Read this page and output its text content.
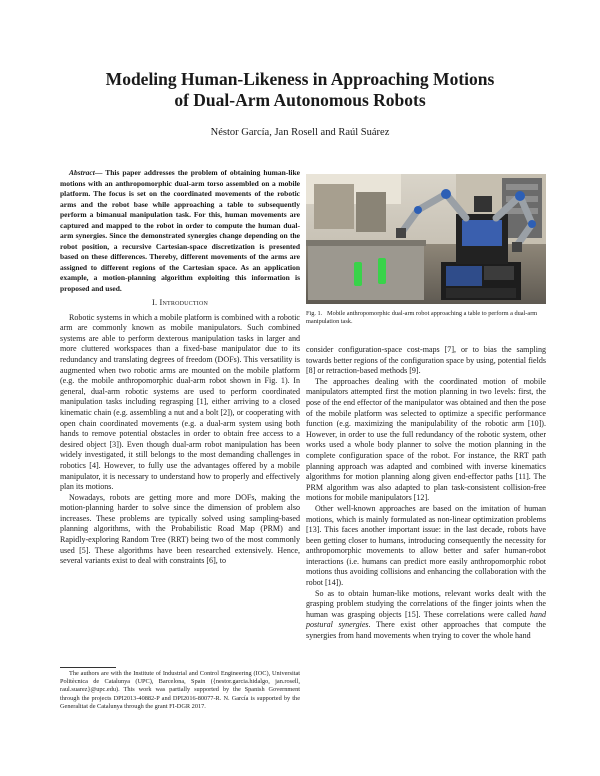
Modeling Human-Likeness in Approaching Motions
of Dual-Arm Autonomous Robots

Néstor García, Jan Rosell and Raúl Suárez

Abstract— This paper addresses the problem of obtaining human-like motions with an anthropomorphic dual-arm torso assembled on a mobile platform. The focus is set on the coordinated movements of the robotic arms and the robot base while approaching a table to subsequently perform a bimanual manipulation task. For this, human movements are captured and mapped to the robot in order to compute the human dual-arm synergies. Since the demonstrated synergies change depending on the robot position, a recursive Cartesian-space discretization is presented based on these differences. Thereby, different movements of the arms are assigned to different regions of the Cartesian space. As an application example, a motion-planning algorithm exploiting this information is proposed and used.

I. Introduction

Robotic systems in which a mobile platform is combined with a robotic arm are commonly known as mobile manipulators. Such combined systems are able to perform dexterous manipulation tasks in larger and more cluttered workspaces than a fixed-base manipulator due to its redundancy and translating degrees of freedom (DOFs). This versatility is augmented when two robotic arms are mounted on the mobile platform (e.g. the mobile anthropomorphic dual-arm robot shown in Fig. 1). In general, dual-arm robotic systems are used to perform coordinated manipulation tasks including regrasping [1], either arriving to a closed kinematic chain (e.g. assembling a nut and a bolt [2]), or cooperating with open chain coordinated movements (e.g. a dual-arm system using both hands to remove potential obstacles in order to obtain free access to a desired object [3]). Even though dual-arm robot manipulation has been widely investigated, it still belongs to the most demanding challenges in robotics [4]. However, to fully use the advantages offered by a mobile manipulator, it is necessary to understand how to properly and effectively plan its motions.

Nowadays, robots are getting more and more DOFs, making the motion-planning harder to solve since the dimension of problem also increases. These problems are typically solved using sampling-based planning algorithms, with the Probabilistic Road Map (PRM) and Rapidly-exploring Random Tree (RRT) being two of the most commonly used [5]. These algorithms have been researched extensively. Hence, several variants exist to deal with constraints [6], to

The authors are with the Institute of Industrial and Control Engineering (IOC), Universitat Politècnica de Catalunya (UPC), Barcelona, Spain ({nestor.garcia.hidalgo, jan.rosell, raul.suarez}@upc.edu). This work was partially supported by the Spanish Government through the projects DPI2013-40882-P and DPI2016-80077-R. N. García is supported by the Generalitat de Catalunya through the grant FI-DGR 2017.

Fig. 1. Mobile anthropomorphic dual-arm robot approaching a table to perform a dual-arm manipulation task.

consider configuration-space cost-maps [7], or to bias the sampling towards better regions of the configuration space by using, potential fields [8] or retraction-based methods [9].

The approaches dealing with the coordinated motion of mobile manipulators attempted first the motion planning in two levels: first, the pose of the end effector of the manipulator was obtained and then the pose of the mobile platform was selected to optimize a specific performance function (e.g. maximizing the manipulability of the robotic arm [10]). However, in order to use the full redundancy of the robotic system, other works used a whole body planner to solve the motion planning in the complete configuration space of the robot. For instance, the RRT path planning approach was adapted and combined with inverse kinematics algorithms for motion planning along given end-effector paths [11]. The PRM algorithm was also adapted to plan task-consistent collision-free motions for mobile manipulators [12].

Other well-known approaches are based on the imitation of human motions, which is mainly formulated as non-linear optimization problems [13]. This faces another important issue: in the last decade, robots have been getting closer to humans, introducing consequently the necessity for anthropomorphic movements to allow better and safer human-robot interactions (i.e. humans can predict more easily anthropomorphic robot motions thus avoiding collisions and enhancing the collaboration with the robot [14]).

So as to obtain human-like motions, relevant works dealt with the grasping problem studying the correlations of the finger joints when the human was grasping objects [15]. These correlations were called hand postural synergies. There exist other approaches that compute the synergies from hand movements when trying to cover the whole hand
